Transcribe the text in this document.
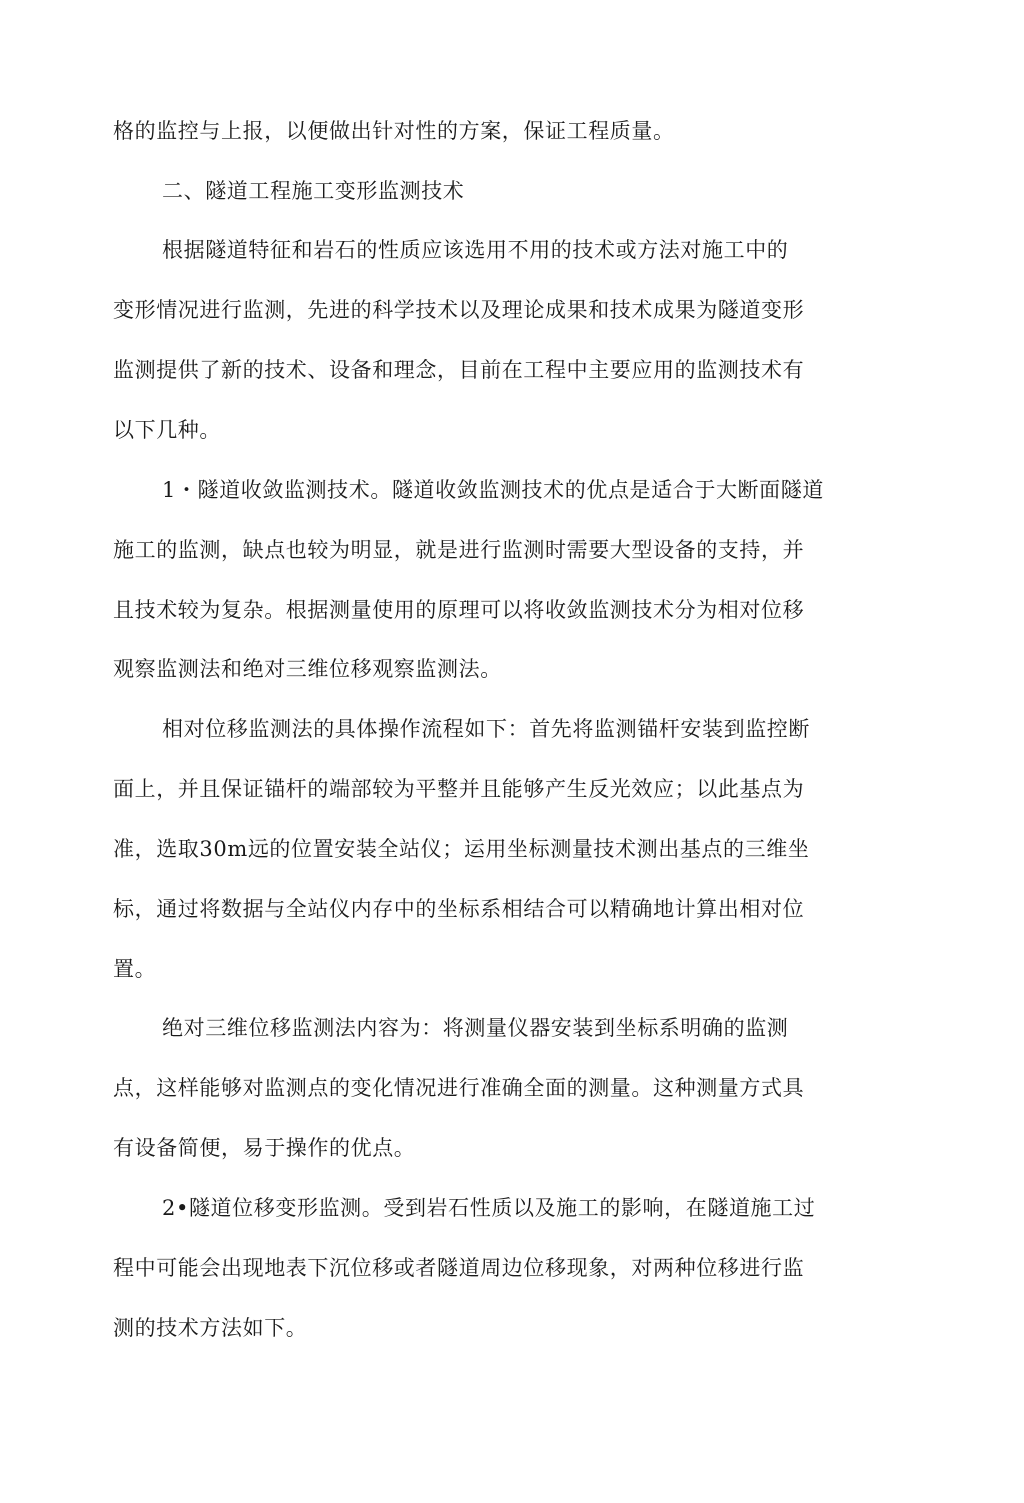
格的监控与上报，以便做出针对性的方案，保证工程质量。
二、隧道工程施工变形监测技术
根据隧道特征和岩石的性质应该选用不用的技术或方法对施工中的
变形情况进行监测，先进的科学技术以及理论成果和技术成果为隧道变形
监测提供了新的技术、设备和理念，目前在工程中主要应用的监测技术有
以下几种。
1・隧道收敛监测技术。隧道收敛监测技术的优点是适合于大断面隧道
施工的监测，缺点也较为明显，就是进行监测时需要大型设备的支持，并
且技术较为复杂。根据测量使用的原理可以将收敛监测技术分为相对位移
观察监测法和绝对三维位移观察监测法。
相对位移监测法的具体操作流程如下：首先将监测锚杆安装到监控断
面上，并且保证锚杆的端部较为平整并且能够产生反光效应；以此基点为
准，选取30m远的位置安装全站仪；运用坐标测量技术测出基点的三维坐
标，通过将数据与全站仪内存中的坐标系相结合可以精确地计算出相对位
置。
绝对三维位移监测法内容为：将测量仪器安装到坐标系明确的监测
点，这样能够对监测点的变化情况进行准确全面的测量。这种测量方式具
有设备简便，易于操作的优点。
2•隧道位移变形监测。受到岩石性质以及施工的影响，在隧道施工过
程中可能会出现地表下沉位移或者隧道周边位移现象，对两种位移进行监
测的技术方法如下。
